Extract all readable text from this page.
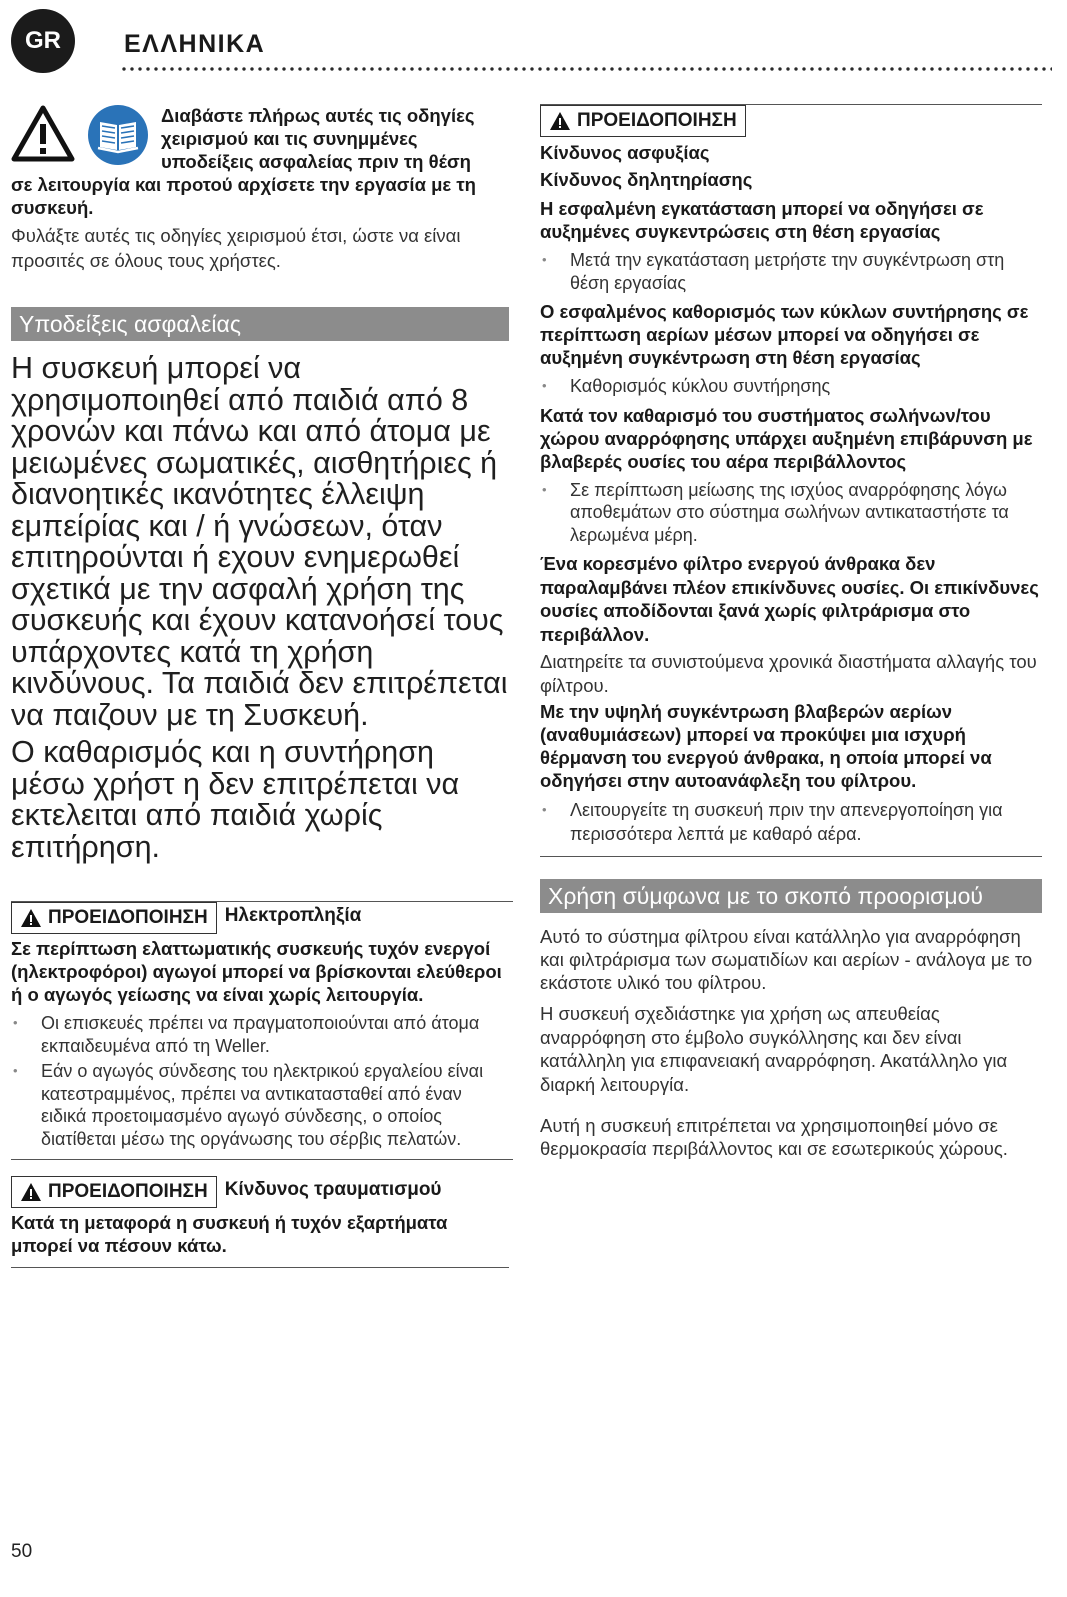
GR	ΕΛΛΗΝΙΚΑ
Διαβάστε πλήρως αυτές τις οδηγίες
χειρισμού και τις συνημμένες
υποδείξεις ασφαλείας πριν τη θέση

σε λειτουργία και προτού αρχίσετε την εργασία με τη συσκευή.

Φυλάξτε αυτές τις οδηγίες χειρισμού έτσι, ώστε να είναι προσιτές σε όλους τους χρήστες.

Υποδείξεις ασφαλείας

Η συσκευή μπορεί να χρησιμοποιηθεί από παιδιά από 8 χρονών και πάνω και από άτομα με μειωμένες σωματικές, αισθητήριες ή διανοητικές ικανότητες έλλειψη εμπείρίας και / ή γνώσεων, όταν επιτηρούνται ή εχουν ενημερωθεί σχετικά με την ασφαλή χρήση της συσκευής και έχουν κατανοήσεί τους υπάρχοντες κατά τη χρήση κινδύνους. Τα παιδιά δεν επιτρέπεται να παιζουν με τη Συσκευή.

Ο καθαρισμός και η συντήρηση μέσω χρήστ η δεν επιτρέπεται να εκτελειται από παιδιά χωρίς επιτήρηση.

ΠΡΟΕΙΔΟΠΟΙΗΣΗ Ηλεκτροπληξία

Σε περίπτωση ελαττωματικής συσκευής τυχόν ενεργοί (ηλεκτροφόροι) αγωγοί μπορεί να βρίσκονται ελεύθεροι ή ο αγωγός γείωσης να είναι χωρίς λειτουργία.

• Οι επισκευές πρέπει να πραγματοποιούνται από άτομα εκπαιδευμένα από τη Weller.

• Εάν ο αγωγός σύνδεσης του ηλεκτρικού εργαλείου είναι κατεστραμμένος, πρέπει να αντικατασταθεί από έναν ειδικά προετοιμασμένο αγωγό σύνδεσης, ο οποίος διατίθεται μέσω της οργάνωσης του σέρβις πελατών.

ΠΡΟΕΙΔΟΠΟΙΗΣΗ Κίνδυνος τραυματισμού

Κατά τη μεταφορά η συσκευή ή τυχόν εξαρτήματα μπορεί να πέσουν κάτω.

ΠΡΟΕΙΔΟΠΟΙΗΣΗ

Κίνδυνος ασφυξίας

Κίνδυνος δηλητηρίασης

Η εσφαλμένη εγκατάσταση μπορεί να οδηγήσει σε αυξημένες συγκεντρώσεις στη θέση εργασίας

• Μετά την εγκατάσταση μετρήστε την συγκέντρωση στη θέση εργασίας

Ο εσφαλμένος καθορισμός των κύκλων συντήρησης σε περίπτωση αερίων μέσων μπορεί να οδηγήσει σε αυξημένη συγκέντρωση στη θέση εργασίας

• Καθορισμός κύκλου συντήρησης

Κατά τον καθαρισμό του συστήματος σωλήνων/του χώρου αναρρόφησης υπάρχει αυξημένη επιβάρυνση με βλαβερές ουσίες του αέρα περιβάλλοντος

• Σε περίπτωση μείωσης της ισχύος αναρρόφησης λόγω αποθεμάτων στο σύστημα σωλήνων αντικαταστήστε τα λερωμένα μέρη.

Ένα κορεσμένο φίλτρο ενεργού άνθρακα δεν παραλαμβάνει πλέον επικίνδυνες ουσίες. Οι επικίνδυνες ουσίες αποδίδονται ξανά χωρίς φιλτράρισμα στο περιβάλλον.

Διατηρείτε τα συνιστούμενα χρονικά διαστήματα αλλαγής του φίλτρου.

Με την υψηλή συγκέντρωση βλαβερών αερίων (αναθυμιάσεων) μπορεί να προκύψει μια ισχυρή θέρμανση του ενεργού άνθρακα, η οποία μπορεί να οδηγήσει στην αυτοανάφλεξη του φίλτρου.

• Λειτουργείτε τη συσκευή πριν την απενεργοποίηση για περισσότερα λεπτά με καθαρό αέρα.

Χρήση σύμφωνα με το σκοπό προορισμού

Αυτό το σύστημα φίλτρου είναι κατάλληλο για αναρρόφηση και φιλτράρισμα των σωματιδίων και αερίων - ανάλογα με το εκάστοτε υλικό του φίλτρου.

Η συσκευή σχεδιάστηκε για χρήση ως απευθείας αναρρόφηση στο έμβολο συγκόλλησης και δεν είναι κατάλληλη για επιφανειακή αναρρόφηση. Ακατάλληλο για διαρκή λειτουργία.

Αυτή η συσκευή επιτρέπεται να χρησιμοποιηθεί μόνο σε θερμοκρασία περιβάλλοντος και σε εσωτερικούς χώρους.

50
